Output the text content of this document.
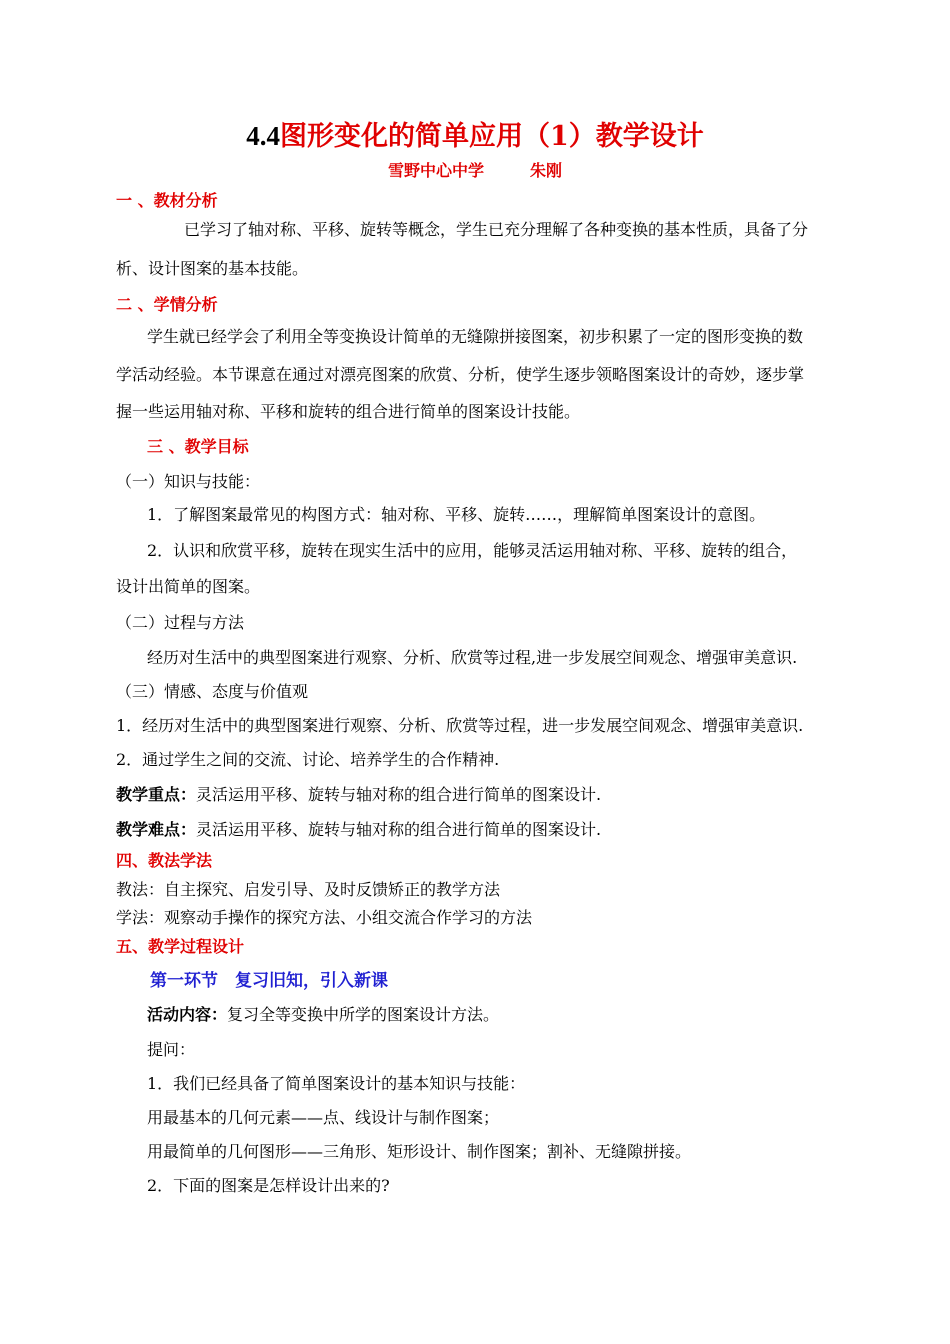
4.4图形变化的简单应用（1）教学设计
雪野中心中学	朱刚
一 、教材分析
已学习了轴对称、平移、旋转等概念，学生已充分理解了各种变换的基本性质，具备了分
析、设计图案的基本技能。
二 、学情分析
学生就已经学会了利用全等变换设计简单的无缝隙拼接图案，初步积累了一定的图形变换的数
学活动经验。本节课意在通过对漂亮图案的欣赏、分析，使学生逐步领略图案设计的奇妙，逐步掌
握一些运用轴对称、平移和旋转的组合进行简单的图案设计技能。
三 、教学目标
（一）知识与技能：
1．了解图案最常见的构图方式：轴对称、平移、旋转……，理解简单图案设计的意图。
2．认识和欣赏平移，旋转在现实生活中的应用，能够灵活运用轴对称、平移、旋转的组合，
设计出简单的图案。
（二）过程与方法
经历对生活中的典型图案进行观察、分析、欣赏等过程,进一步发展空间观念、增强审美意识.
（三）情感、态度与价值观
1．经历对生活中的典型图案进行观察、分析、欣赏等过程，进一步发展空间观念、增强审美意识.
2．通过学生之间的交流、讨论、培养学生的合作精神.
教学重点：灵活运用平移、旋转与轴对称的组合进行简单的图案设计.
教学难点：灵活运用平移、旋转与轴对称的组合进行简单的图案设计.
四、教法学法
教法：自主探究、启发引导、及时反馈矫正的教学方法
学法：观察动手操作的探究方法、小组交流合作学习的方法
五、教学过程设计
第一环节　复习旧知，引入新课
活动内容：复习全等变换中所学的图案设计方法。
提问：
1．我们已经具备了简单图案设计的基本知识与技能：
用最基本的几何元素——点、线设计与制作图案；
用最简单的几何图形——三角形、矩形设计、制作图案；割补、无缝隙拼接。
2．下面的图案是怎样设计出来的?
